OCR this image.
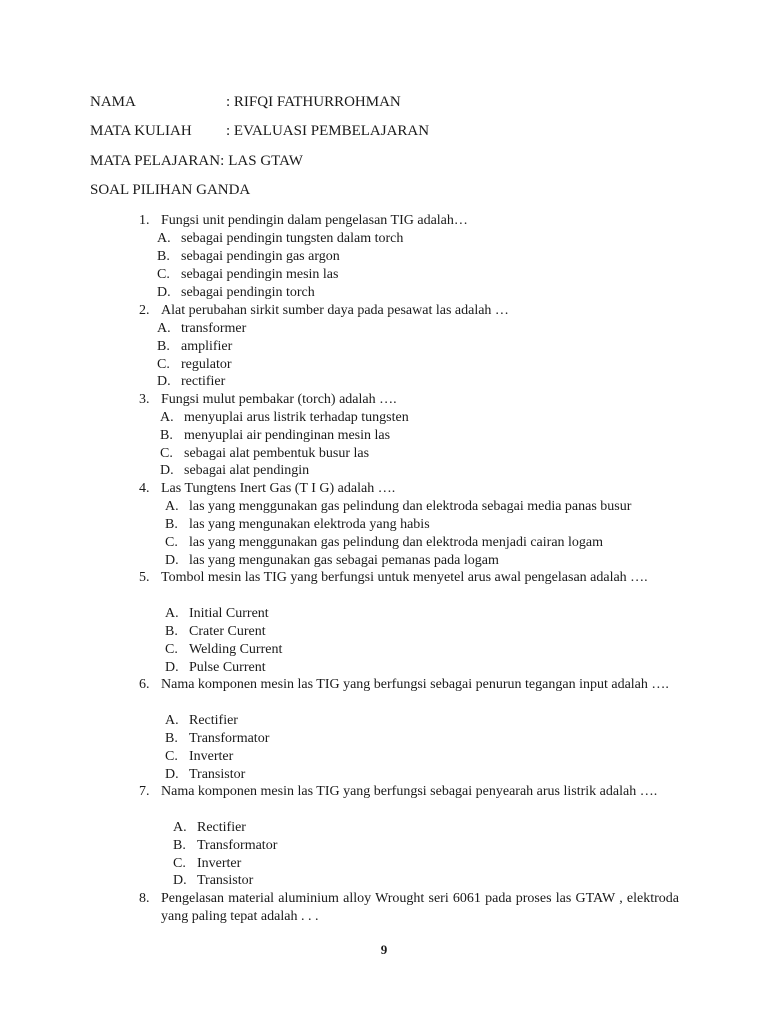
NAMA	: RIFQI FATHURROHMAN
MATA KULIAH : EVALUASI PEMBELAJARAN
MATA PELAJARAN: LAS GTAW
SOAL PILIHAN GANDA
1. Fungsi unit pendingin dalam pengelasan TIG adalah…
A. sebagai pendingin tungsten dalam torch
B. sebagai pendingin gas argon
C. sebagai pendingin mesin las
D. sebagai pendingin torch
2. Alat perubahan sirkit sumber daya pada pesawat las adalah …
A. transformer
B. amplifier
C. regulator
D. rectifier
3. Fungsi mulut pembakar (torch) adalah ….
A. menyuplai arus listrik terhadap tungsten
B. menyuplai air pendinginan mesin las
C. sebagai alat pembentuk busur las
D. sebagai alat pendingin
4. Las Tungtens Inert Gas (T I G) adalah ….
A. las yang menggunakan gas pelindung dan elektroda sebagai media panas busur
B. las yang mengunakan elektroda yang habis
C. las yang menggunakan gas pelindung dan elektroda menjadi cairan logam
D. las yang mengunakan gas sebagai pemanas pada logam
5. Tombol mesin las TIG yang berfungsi untuk menyetel arus awal pengelasan adalah ….
A. Initial Current
B. Crater Curent
C. Welding Current
D. Pulse Current
6. Nama komponen mesin las TIG yang berfungsi sebagai penurun tegangan input adalah ….
A. Rectifier
B. Transformator
C. Inverter
D. Transistor
7. Nama komponen mesin las TIG yang berfungsi sebagai penyearah arus listrik adalah ….
A. Rectifier
B. Transformator
C. Inverter
D. Transistor
8. Pengelasan material aluminium alloy Wrought seri 6061 pada proses las GTAW , elektroda yang paling tepat adalah . . .
9
